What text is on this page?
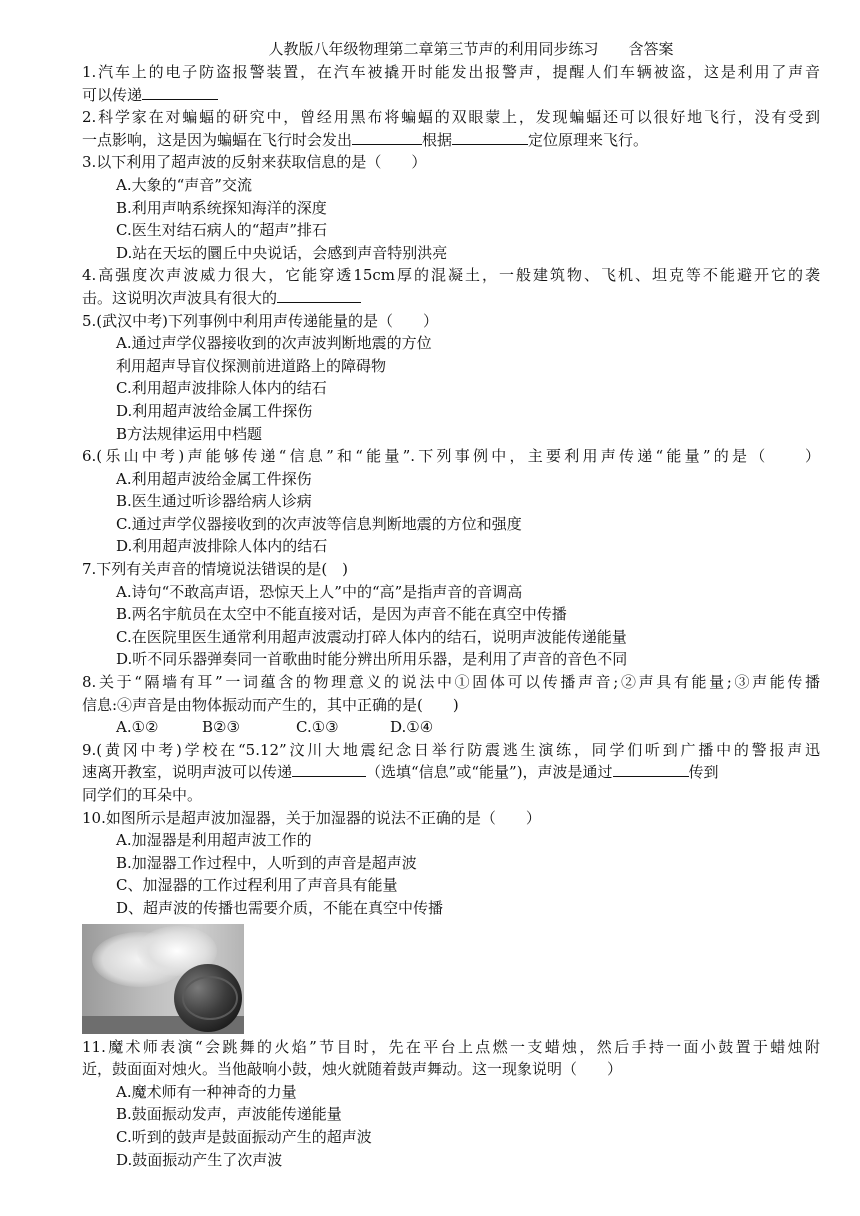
人教版八年级物理第二章第三节声的利用同步练习　　含答案
1.汽车上的电子防盗报警装置，在汽车被撬开时能发出报警声，提醒人们车辆被盗，这是利用了声音
可以传递
2.科学家在对蝙蝠的研究中，曾经用黑布将蝙蝠的双眼蒙上，发现蝙蝠还可以很好地飞行，没有受到
一点影响，这是因为蝙蝠在飞行时会发出	根据	定位原理来飞行。
3.以下利用了超声波的反射来获取信息的是（　　）
A.大象的“声音”交流
B.利用声呐系统探知海洋的深度
C.医生对结石病人的“超声”排石
D.站在天坛的圜丘中央说话，会感到声音特别洪亮
4.高强度次声波威力很大，它能穿透15cm厚的混凝土，一般建筑物、飞机、坦克等不能避开它的袭
击。这说明次声波具有很大的
5.(武汉中考)下列事例中利用声传递能量的是（　　）
A.通过声学仪器接收到的次声波判断地震的方位
利用超声导盲仪探测前进道路上的障碍物
C.利用超声波排除人体内的结石
D.利用超声波给金属工件探伤
B方法规律运用中档题
6.(乐山中考)声能够传递“信息”和“能量”.下列事例中，主要利用声传递“能量”的是（　　）
A.利用超声波给金属工件探伤
B.医生通过听诊器给病人诊病
C.通过声学仪器接收到的次声波等信息判断地震的方位和强度
D.利用超声波排除人体内的结石
7.下列有关声音的情境说法错误的是(　)
A.诗句“不敢高声语，恐惊天上人”中的“高”是指声音的音调高
B.两名宇航员在太空中不能直接对话，是因为声音不能在真空中传播
C.在医院里医生通常利用超声波震动打碎人体内的结石，说明声波能传递能量
D.听不同乐器弹奏同一首歌曲时能分辨出所用乐器，是利用了声音的音色不同
8.关于“隔墙有耳”一词蕴含的物理意义的说法中①固体可以传播声音;②声具有能量;③声能传播
信息:④声音是由物体振动而产生的，其中正确的是(　　)
A.①②	B②③	C.①③	D.①④
9.(黄冈中考)学校在“5.12”汶川大地震纪念日举行防震逃生演练，同学们听到广播中的警报声迅
速离开教室，说明声波可以传递	（选填“信息”或“能量”)，声波是通过	传到
同学们的耳朵中。
10.如图所示是超声波加湿器，关于加湿器的说法不正确的是（　　）
A.加湿器是利用超声波工作的
B.加湿器工作过程中，人听到的声音是超声波
C、加湿器的工作过程利用了声音具有能量
D、超声波的传播也需要介质，不能在真空中传播
11.魔术师表演“会跳舞的火焰”节目时，先在平台上点燃一支蜡烛，然后手持一面小鼓置于蜡烛附
近，鼓面面对烛火。当他敲响小鼓，烛火就随着鼓声舞动。这一现象说明（　　）
A.魔术师有一种神奇的力量
B.鼓面振动发声，声波能传递能量
C.听到的鼓声是鼓面振动产生的超声波
D.鼓面振动产生了次声波
